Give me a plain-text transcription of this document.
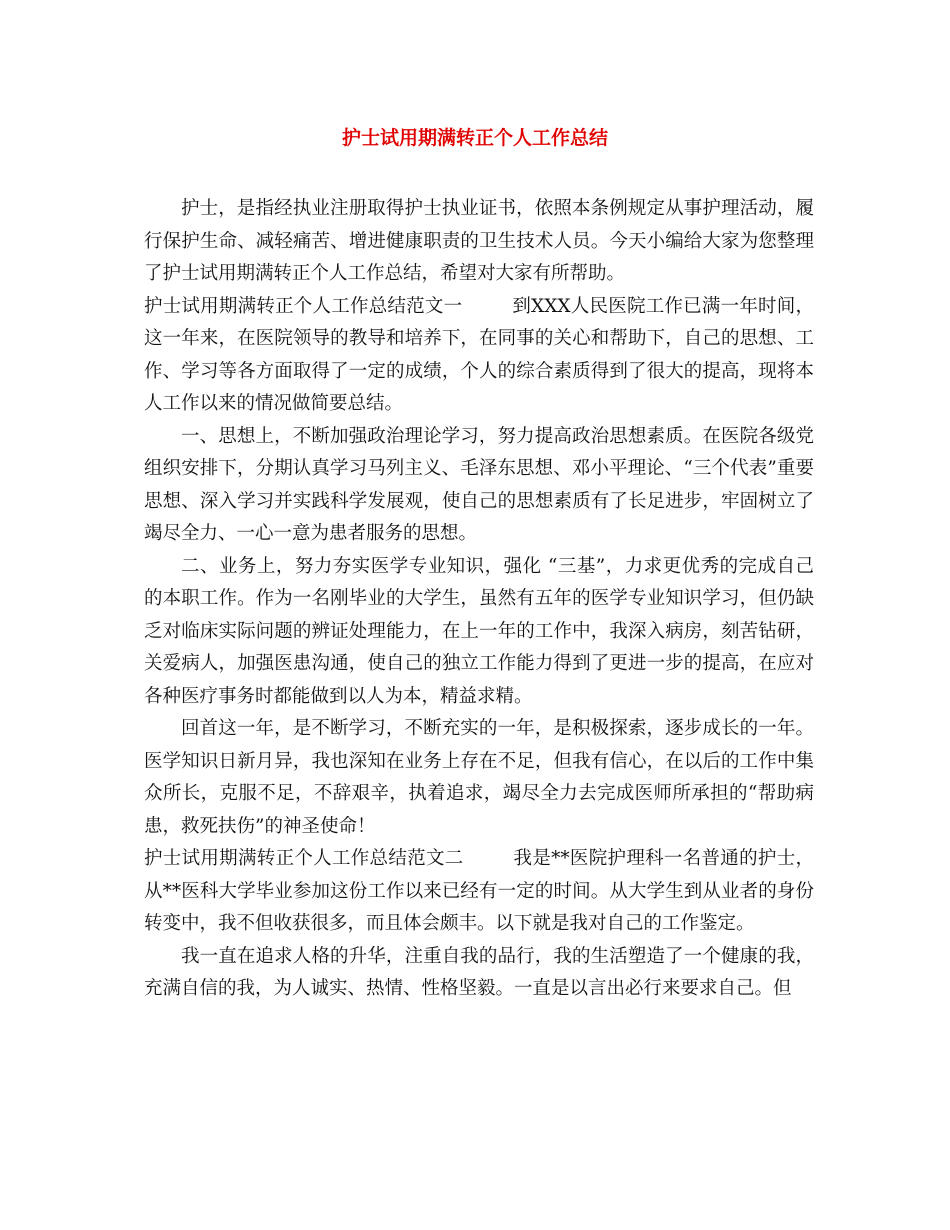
护士试用期满转正个人工作总结

护士，是指经执业注册取得护士执业证书，依照本条例规定从事护理活动，履行保护生命、减轻痛苦、增进健康职责的卫生技术人员。今天小编给大家为您整理了护士试用期满转正个人工作总结，希望对大家有所帮助。

护士试用期满转正个人工作总结范文一	到XXX人民医院工作已满一年时间，这一年来，在医院领导的教导和培养下，在同事的关心和帮助下，自己的思想、工作、学习等各方面取得了一定的成绩，个人的综合素质得到了很大的提高，现将本人工作以来的情况做简要总结。

一、思想上，不断加强政治理论学习，努力提高政治思想素质。在医院各级党组织安排下，分期认真学习马列主义、毛泽东思想、邓小平理论、“三个代表”重要思想、深入学习并实践科学发展观，使自己的思想素质有了长足进步，牢固树立了竭尽全力、一心一意为患者服务的思想。

二、业务上，努力夯实医学专业知识，强化 “三基”，力求更优秀的完成自己的本职工作。作为一名刚毕业的大学生，虽然有五年的医学专业知识学习，但仍缺乏对临床实际问题的辨证处理能力，在上一年的工作中，我深入病房，刻苦钻研，关爱病人，加强医患沟通，使自己的独立工作能力得到了更进一步的提高，在应对各种医疗事务时都能做到以人为本，精益求精。

回首这一年，是不断学习，不断充实的一年，是积极探索，逐步成长的一年。医学知识日新月异，我也深知在业务上存在不足，但我有信心，在以后的工作中集众所长，克服不足，不辞艰辛，执着追求，竭尽全力去完成医师所承担的“帮助病患，救死扶伤”的神圣使命！

护士试用期满转正个人工作总结范文二	我是**医院护理科一名普通的护士，从**医科大学毕业参加这份工作以来已经有一定的时间。从大学生到从业者的身份转变中，我不但收获很多，而且体会颇丰。以下就是我对自己的工作鉴定。

我一直在追求人格的升华，注重自我的品行，我的生活塑造了一个健康的我，充满自信的我，为人诚实、热情、性格坚毅。一直是以言出必行来要求自己。但
